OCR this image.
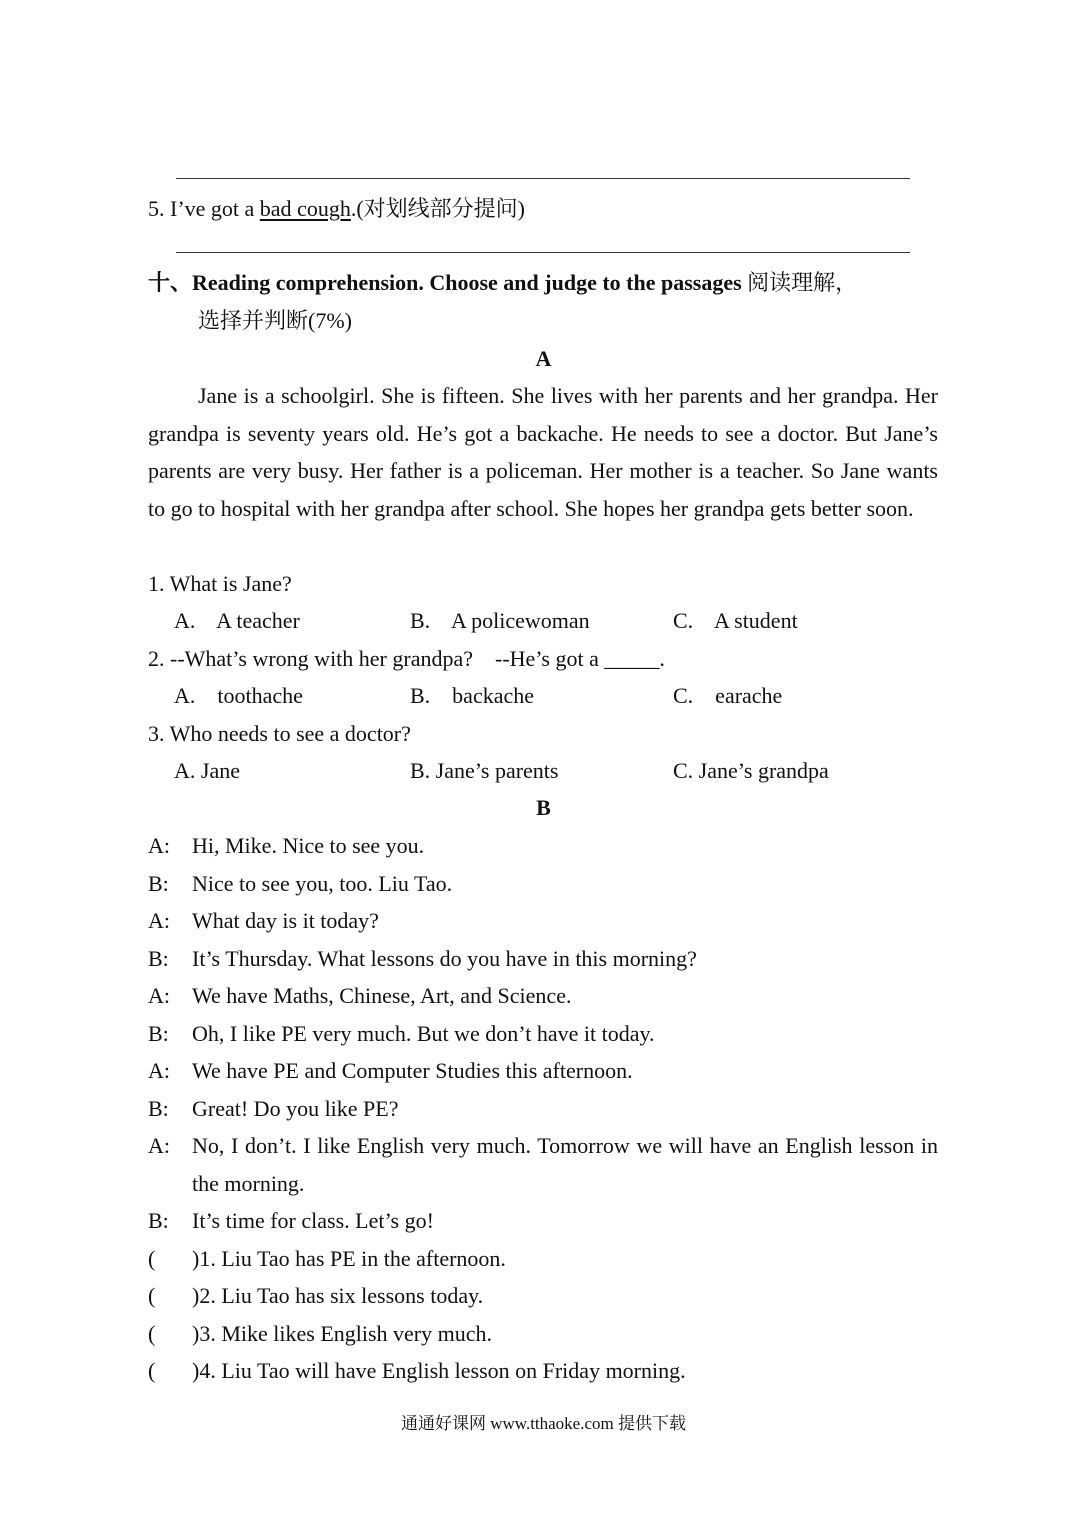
5. I’ve got a bad cough.(对划线部分提问)
十、Reading comprehension. Choose and judge to the passages 阅读理解，
选择并判断(7%)
A
Jane is a schoolgirl. She is fifteen. She lives with her parents and her grandpa. Her grandpa is seventy years old. He’s got a backache. He needs to see a doctor. But Jane’s parents are very busy. Her father is a policeman. Her mother is a teacher. So Jane wants to go to hospital with her grandpa after school. She hopes her grandpa gets better soon.
1. What is Jane?
A.    A teacher	B.    A policewoman	C.    A student
2. --What’s wrong with her grandpa?    --He’s got a _____.
A.    toothache	B.    backache	C.    earache
3. Who needs to see a doctor?
A. Jane	B. Jane’s parents	C. Jane’s grandpa
B
A: Hi, Mike. Nice to see you.
B: Nice to see you, too. Liu Tao.
A: What day is it today?
B: It’s Thursday. What lessons do you have in this morning?
A: We have Maths, Chinese, Art, and Science.
B: Oh, I like PE very much. But we don’t have it today.
A: We have PE and Computer Studies this afternoon.
B: Great! Do you like PE?
A: No, I don’t. I like English very much. Tomorrow we will have an English lesson in the morning.
B: It’s time for class. Let’s go!
( )1. Liu Tao has PE in the afternoon.
( )2. Liu Tao has six lessons today.
( )3. Mike likes English very much.
( )4. Liu Tao will have English lesson on Friday morning.
通通好课网 www.tthaoke.com 提供下载
